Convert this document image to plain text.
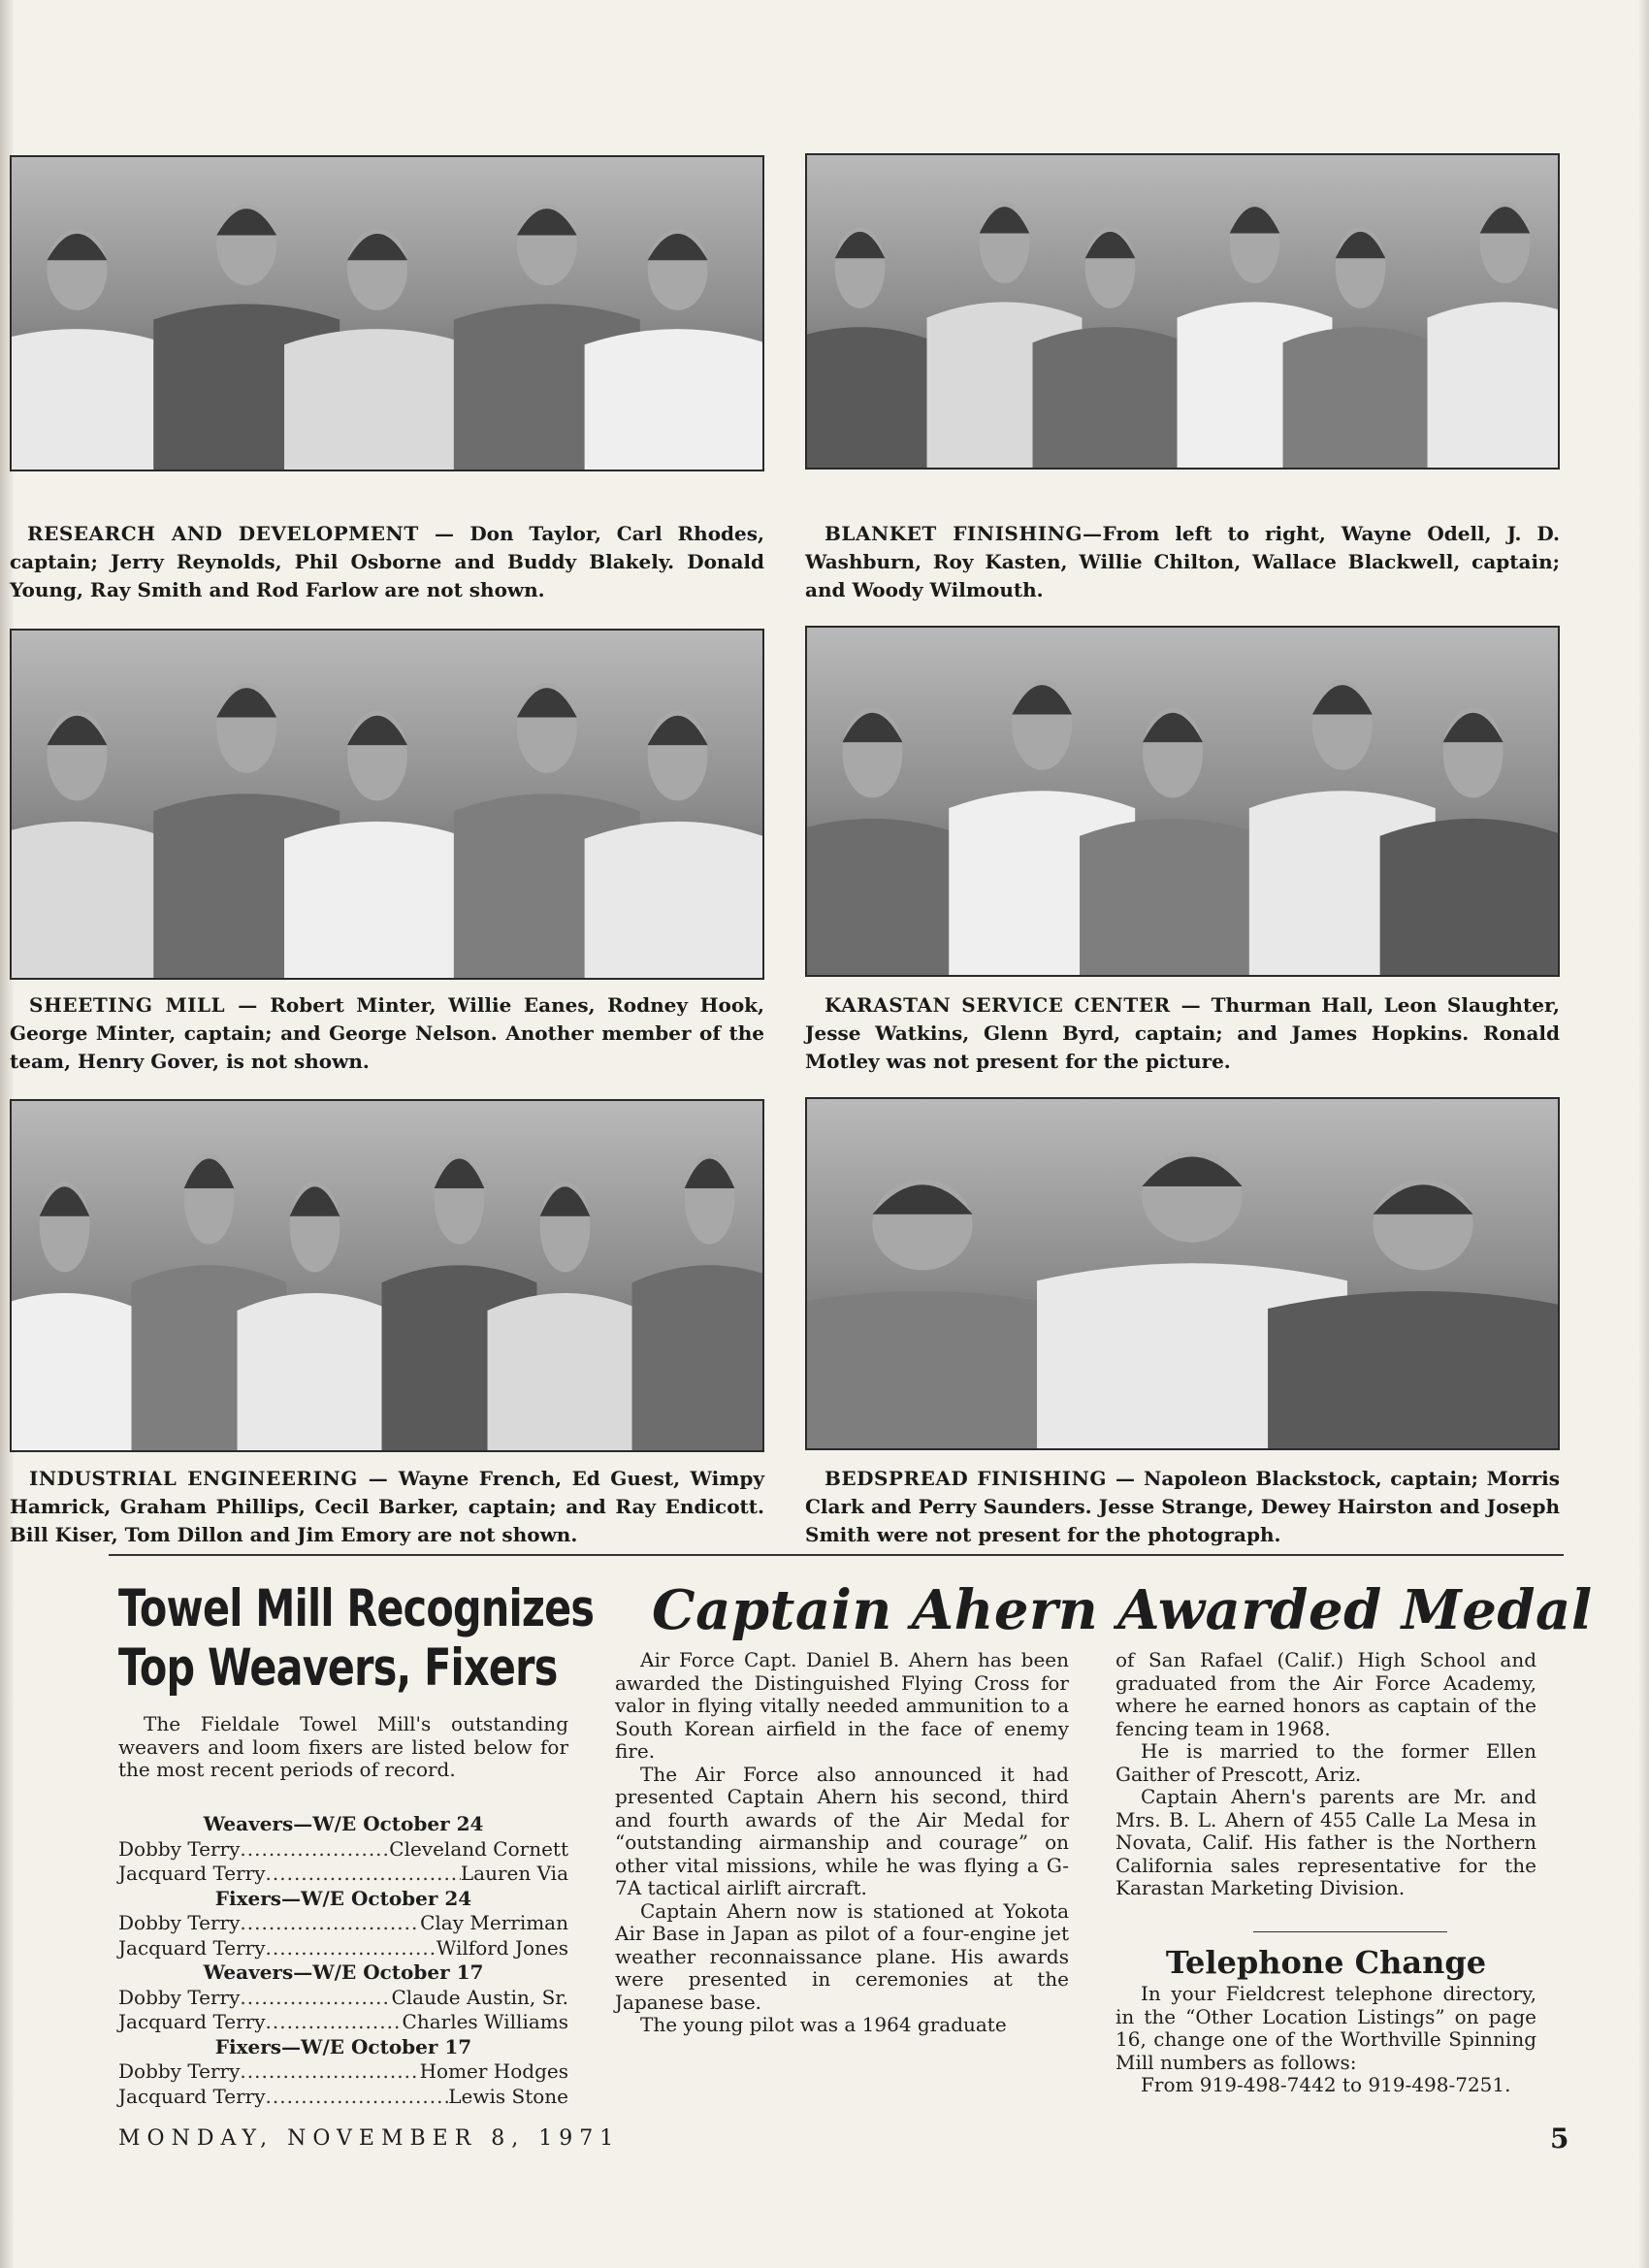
RESEARCH AND DEVELOPMENT — Don Taylor, Carl Rhodes, captain; Jerry Reynolds, Phil Osborne and Buddy Blakely. Donald Young, Ray Smith and Rod Farlow are not shown.
BLANKET FINISHING—From left to right, Wayne Odell, J. D. Washburn, Roy Kasten, Willie Chilton, Wallace Blackwell, captain; and Woody Wilmouth.
SHEETING MILL — Robert Minter, Willie Eanes, Rodney Hook, George Minter, captain; and George Nelson. Another member of the team, Henry Gover, is not shown.
KARASTAN SERVICE CENTER — Thurman Hall, Leon Slaughter, Jesse Watkins, Glenn Byrd, captain; and James Hopkins. Ronald Motley was not present for the picture.
INDUSTRIAL ENGINEERING — Wayne French, Ed Guest, Wimpy Hamrick, Graham Phillips, Cecil Barker, captain; and Ray Endicott. Bill Kiser, Tom Dillon and Jim Emory are not shown.
BEDSPREAD FINISHING — Napoleon Blackstock, captain; Morris Clark and Perry Saunders. Jesse Strange, Dewey Hairston and Joseph Smith were not present for the photograph.
Towel Mill Recognizes
Top Weavers, Fixers

The Fieldale Towel Mill's outstanding weavers and loom fixers are listed below for the most recent periods of record.

Weavers—W/E October 24
Dobby Terry .....	Cleveland Cornett
Jacquard Terry .....	Lauren Via
Fixers—W/E October 24
Dobby Terry .....	Clay Merriman
Jacquard Terry .....	Wilford Jones
Weavers—W/E October 17
Dobby Terry .....	Claude Austin, Sr.
Jacquard Terry .....	Charles Williams
Fixers—W/E October 17
Dobby Terry .....	Homer Hodges
Jacquard Terry .....	Lewis Stone
Captain Ahern Awarded Medal

Air Force Capt. Daniel B. Ahern has been awarded the Distinguished Flying Cross for valor in flying vitally needed ammunition to a South Korean airfield in the face of enemy fire.

The Air Force also announced it had presented Captain Ahern his second, third and fourth awards of the Air Medal for “outstanding airmanship and courage” on other vital missions, while he was flying a G-7A tactical airlift aircraft.

Captain Ahern now is stationed at Yokota Air Base in Japan as pilot of a four-engine jet weather reconnaissance plane. His awards were presented in ceremonies at the Japanese base.

The young pilot was a 1964 graduate

of San Rafael (Calif.) High School and graduated from the Air Force Academy, where he earned honors as captain of the fencing team in 1968.

He is married to the former Ellen Gaither of Prescott, Ariz.

Captain Ahern's parents are Mr. and Mrs. B. L. Ahern of 455 Calle La Mesa in Novata, Calif. His father is the Northern California sales representative for the Karastan Marketing Division.

Telephone Change

In your Fieldcrest telephone directory, in the “Other Location Listings” on page 16, change one of the Worthville Spinning Mill numbers as follows:

From 919-498-7442 to 919-498-7251.

MONDAY, NOVEMBER 8, 1971	5
